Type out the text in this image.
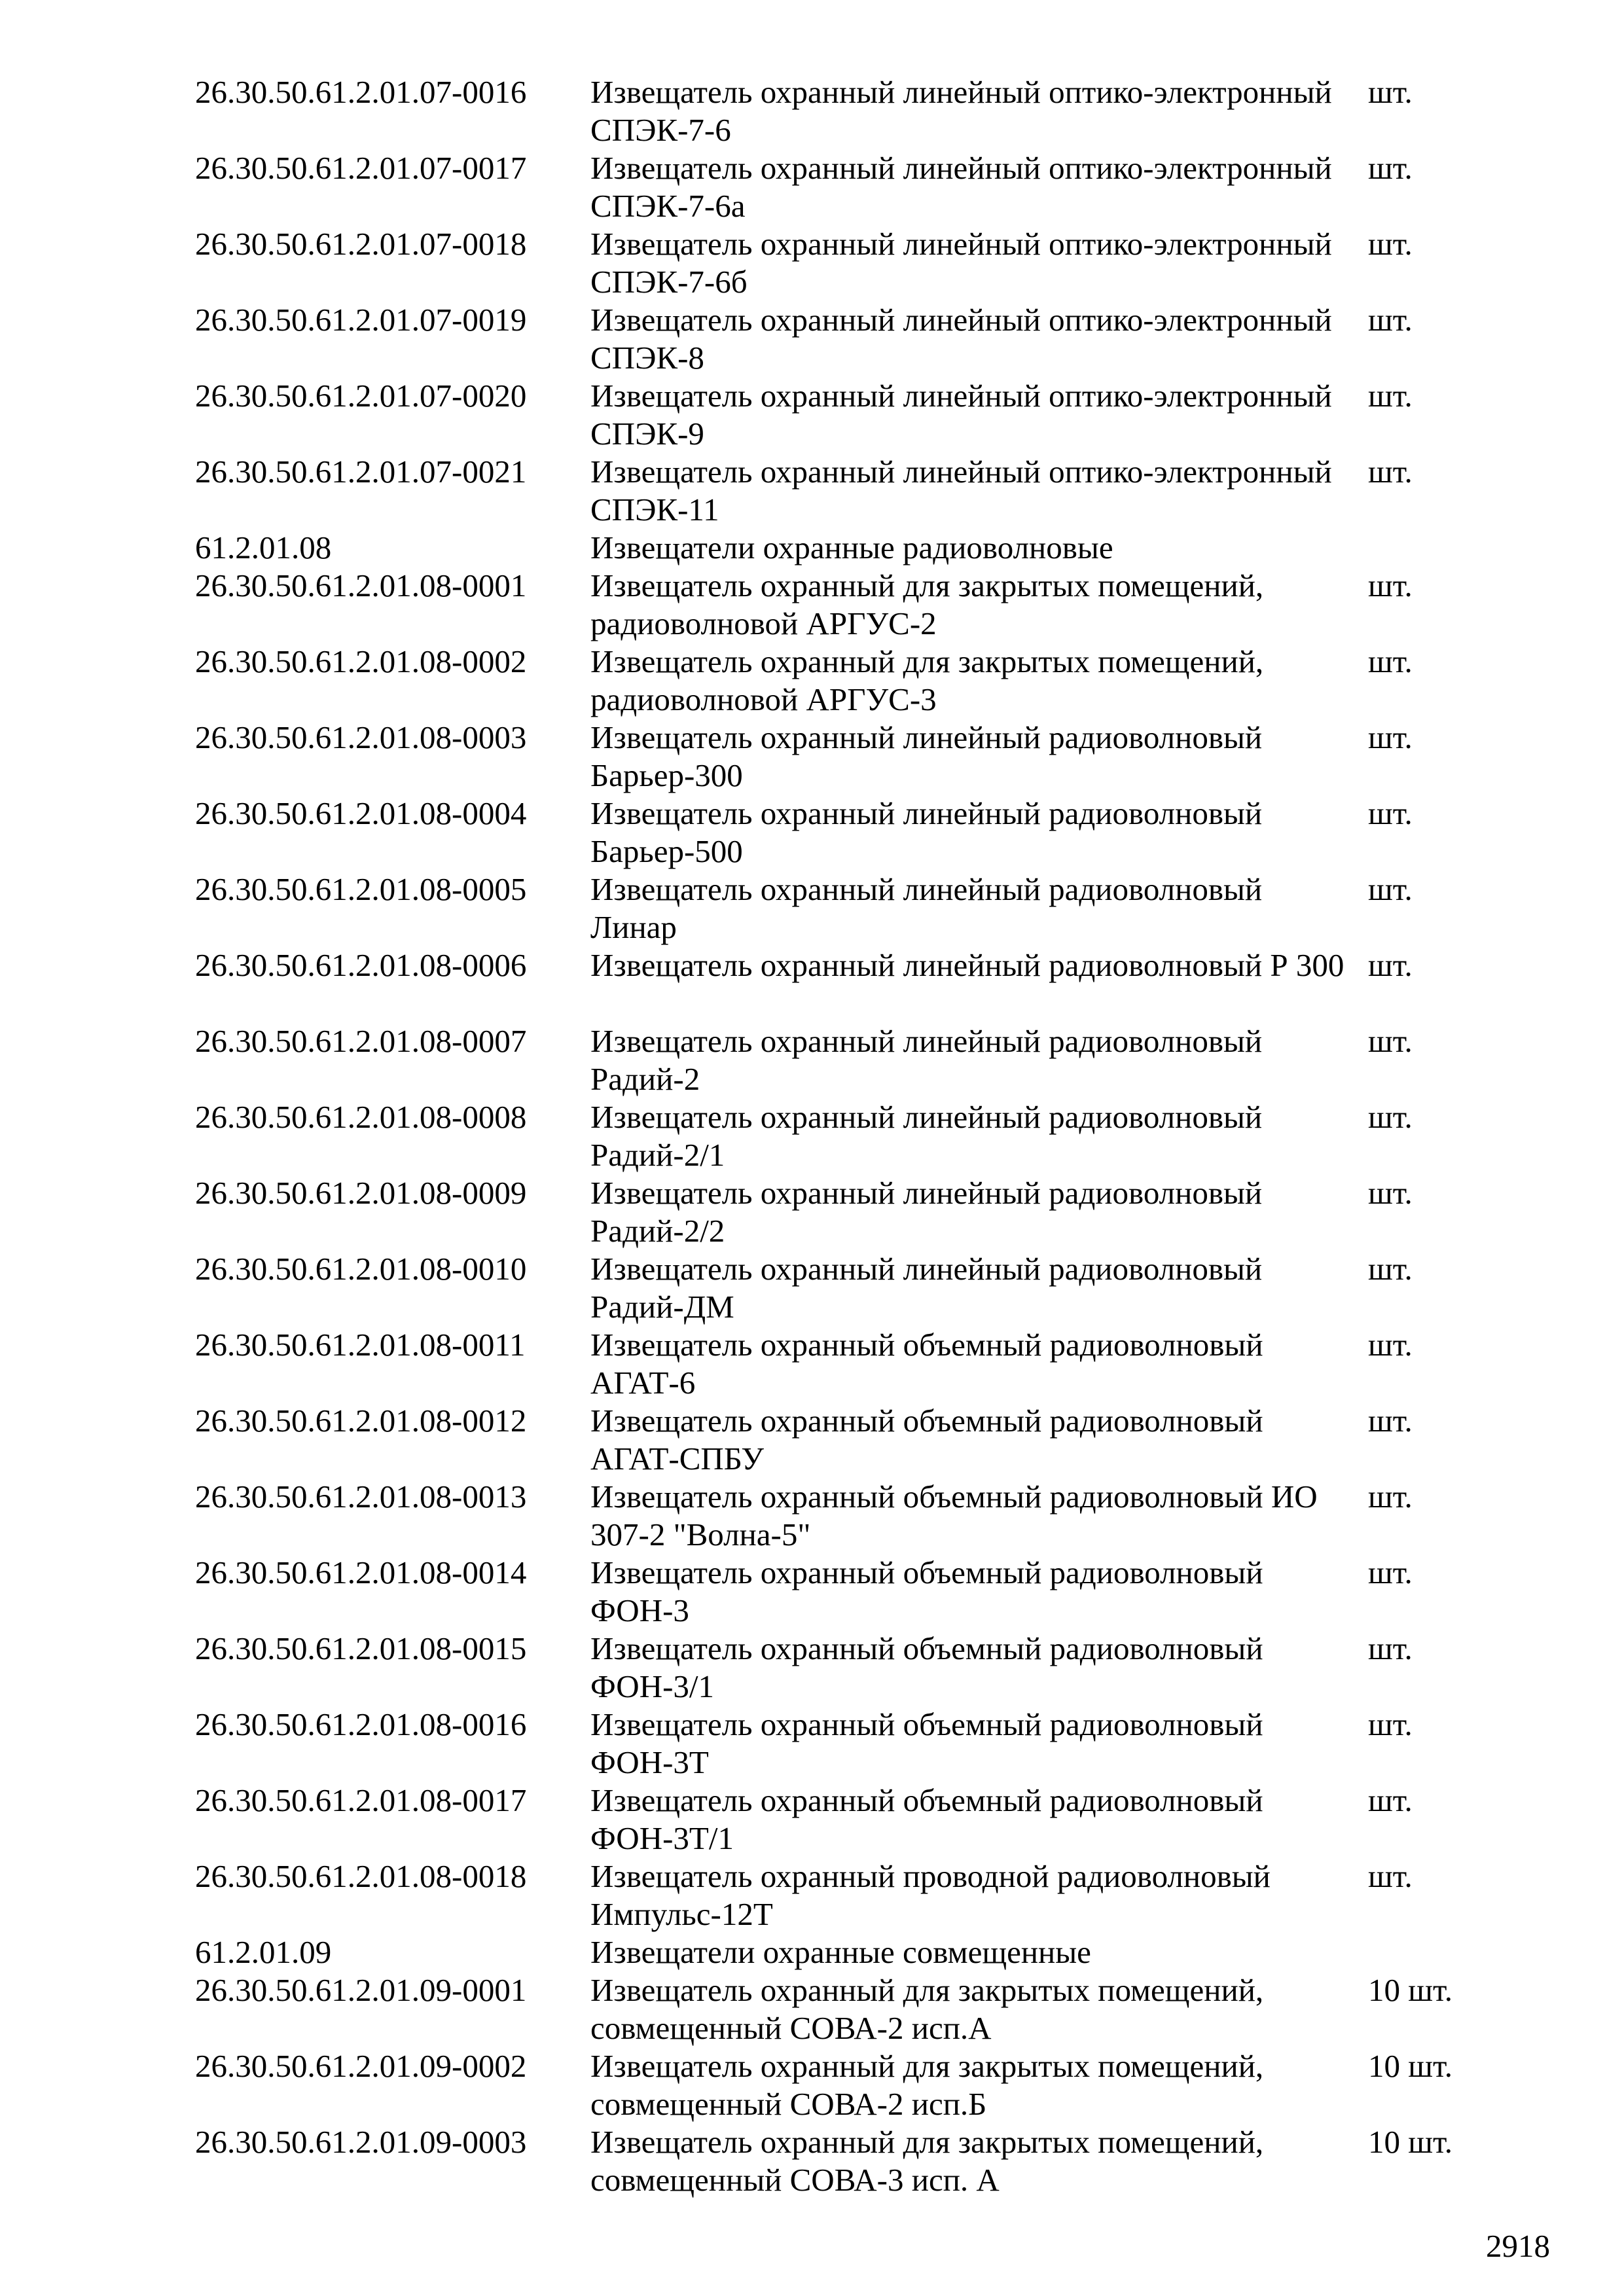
26.30.50.61.2.01.07-0016	Извещатель охранный линейный оптико-электронный СПЭК-7-6	шт.
26.30.50.61.2.01.07-0017	Извещатель охранный линейный оптико-электронный СПЭК-7-6а	шт.
26.30.50.61.2.01.07-0018	Извещатель охранный линейный оптико-электронный СПЭК-7-6б	шт.
26.30.50.61.2.01.07-0019	Извещатель охранный линейный оптико-электронный СПЭК-8	шт.
26.30.50.61.2.01.07-0020	Извещатель охранный линейный оптико-электронный СПЭК-9	шт.
26.30.50.61.2.01.07-0021	Извещатель охранный линейный оптико-электронный СПЭК-11	шт.
61.2.01.08	Извещатели охранные радиоволновые	
26.30.50.61.2.01.08-0001	Извещатель охранный для закрытых помещений, радиоволновой АРГУС-2	шт.
26.30.50.61.2.01.08-0002	Извещатель охранный для закрытых помещений, радиоволновой АРГУС-3	шт.
26.30.50.61.2.01.08-0003	Извещатель охранный линейный радиоволновый Барьер-300	шт.
26.30.50.61.2.01.08-0004	Извещатель охранный линейный радиоволновый Барьер-500	шт.
26.30.50.61.2.01.08-0005	Извещатель охранный линейный радиоволновый Линар	шт.
26.30.50.61.2.01.08-0006	Извещатель охранный линейный радиоволновый Р 300	шт.
26.30.50.61.2.01.08-0007	Извещатель охранный линейный радиоволновый Радий-2	шт.
26.30.50.61.2.01.08-0008	Извещатель охранный линейный радиоволновый Радий-2/1	шт.
26.30.50.61.2.01.08-0009	Извещатель охранный линейный радиоволновый Радий-2/2	шт.
26.30.50.61.2.01.08-0010	Извещатель охранный линейный радиоволновый Радий-ДМ	шт.
26.30.50.61.2.01.08-0011	Извещатель охранный объемный радиоволновый АГАТ-6	шт.
26.30.50.61.2.01.08-0012	Извещатель охранный объемный радиоволновый АГАТ-СПБУ	шт.
26.30.50.61.2.01.08-0013	Извещатель охранный объемный радиоволновый ИО 307-2 "Волна-5"	шт.
26.30.50.61.2.01.08-0014	Извещатель охранный объемный радиоволновый ФОН-3	шт.
26.30.50.61.2.01.08-0015	Извещатель охранный объемный радиоволновый ФОН-3/1	шт.
26.30.50.61.2.01.08-0016	Извещатель охранный объемный радиоволновый ФОН-3Т	шт.
26.30.50.61.2.01.08-0017	Извещатель охранный объемный радиоволновый ФОН-3Т/1	шт.
26.30.50.61.2.01.08-0018	Извещатель охранный проводной радиоволновый Импульс-12Т	шт.
61.2.01.09	Извещатели охранные совмещенные	
26.30.50.61.2.01.09-0001	Извещатель охранный для закрытых помещений, совмещенный СОВА-2 исп.А	10 шт.
26.30.50.61.2.01.09-0002	Извещатель охранный для закрытых помещений, совмещенный СОВА-2 исп.Б	10 шт.
26.30.50.61.2.01.09-0003	Извещатель охранный для закрытых помещений, совмещенный СОВА-3 исп. А	10 шт.
2918
